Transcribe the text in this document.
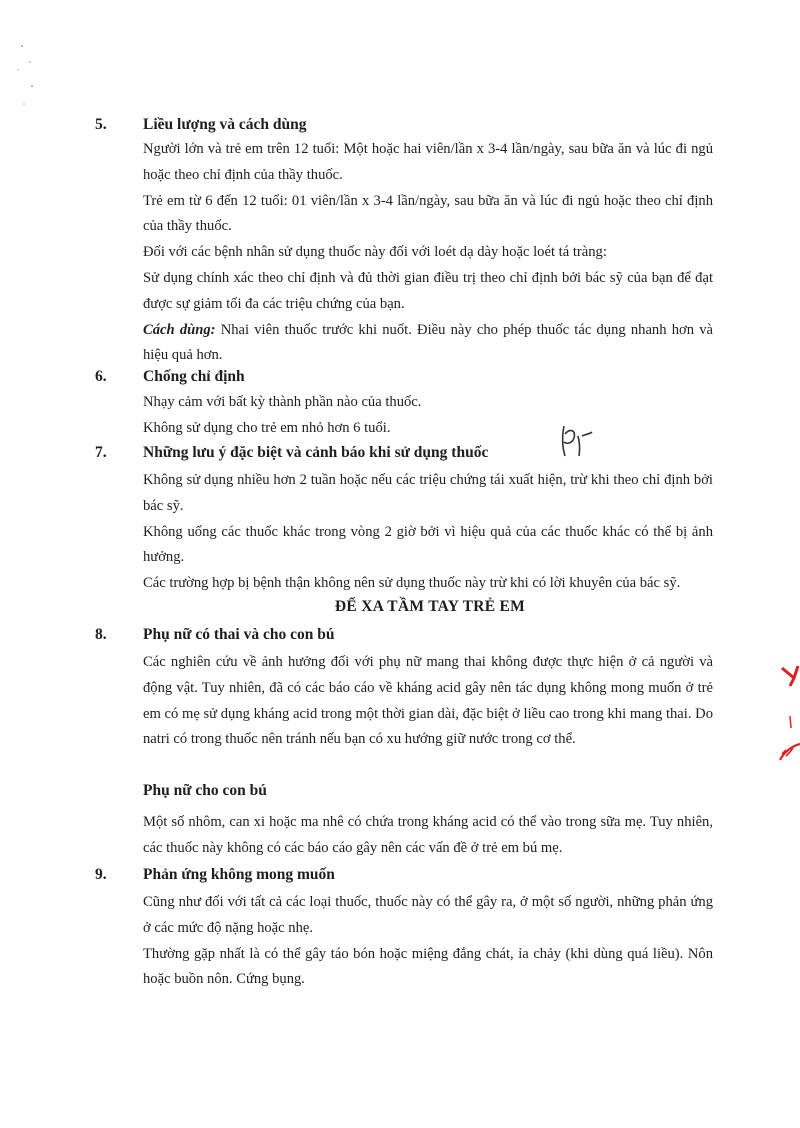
5. Liều lượng và cách dùng

Người lớn và trẻ em trên 12 tuổi: Một hoặc hai viên/lần x 3-4 lần/ngày, sau bữa ăn và lúc đi ngủ hoặc theo chỉ định của thầy thuốc.

Trẻ em từ 6 đến 12 tuổi: 01 viên/lần x 3-4 lần/ngày, sau bữa ăn và lúc đi ngủ hoặc theo chỉ định của thầy thuốc.

Đối với các bệnh nhân sử dụng thuốc này đối với loét dạ dày hoặc loét tá tràng:

Sử dụng chính xác theo chỉ định và đủ thời gian điều trị theo chỉ định bởi bác sỹ của bạn để đạt được sự giảm tối đa các triệu chứng của bạn.

Cách dùng: Nhai viên thuốc trước khi nuốt. Điều này cho phép thuốc tác dụng nhanh hơn và hiệu quả hơn.

6. Chống chỉ định

Nhạy cảm với bất kỳ thành phần nào của thuốc.

Không sử dụng cho trẻ em nhỏ hơn 6 tuổi.

7. Những lưu ý đặc biệt và cảnh báo khi sử dụng thuốc

Không sử dụng nhiều hơn 2 tuần hoặc nếu các triệu chứng tái xuất hiện, trừ khi theo chỉ định bởi bác sỹ.

Không uống các thuốc khác trong vòng 2 giờ bởi vì hiệu quả của các thuốc khác có thể bị ảnh hưởng.

Các trường hợp bị bệnh thận không nên sử dụng thuốc này trừ khi có lời khuyên của bác sỹ.

ĐỂ XA TẦM TAY TRẺ EM
8. Phụ nữ có thai và cho con bú

Các nghiên cứu về ảnh hưởng đối với phụ nữ mang thai không được thực hiện ở cả người và động vật. Tuy nhiên, đã có các báo cáo về kháng acid gây nên tác dụng không mong muốn ở trẻ em có mẹ sử dụng kháng acid trong một thời gian dài, đặc biệt ở liều cao trong khi mang thai. Do natri có trong thuốc nên tránh nếu bạn có xu hướng giữ nước trong cơ thể.

Phụ nữ cho con bú

Một số nhôm, can xi hoặc ma nhê có chứa trong kháng acid có thể vào trong sữa mẹ. Tuy nhiên, các thuốc này không có các báo cáo gây nên các vấn đề ở trẻ em bú mẹ.

9. Phản ứng không mong muốn

Cũng như đối với tất cả các loại thuốc, thuốc này có thể gây ra, ở một số người, những phản ứng ở các mức độ nặng hoặc nhẹ.

Thường gặp nhất là có thể gây táo bón hoặc miệng đắng chát, ỉa chảy (khi dùng quá liều). Nôn hoặc buồn nôn. Cứng bụng.
